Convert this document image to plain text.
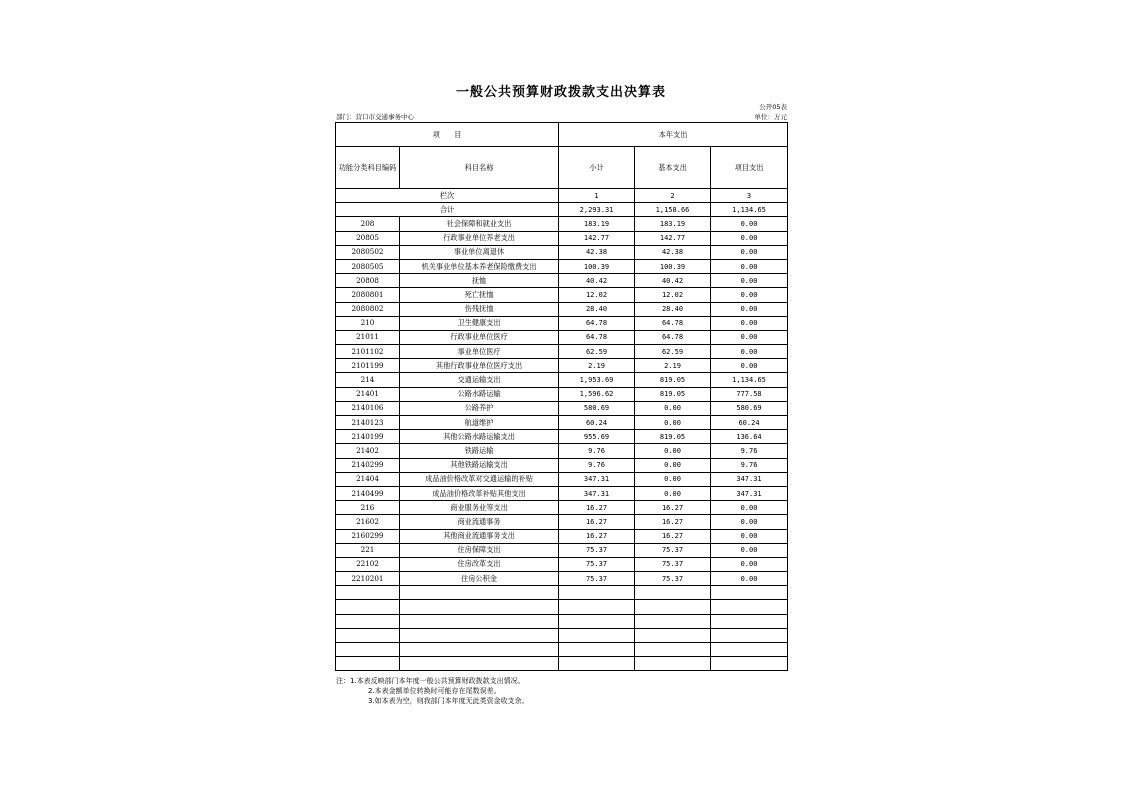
一般公共预算财政拨款支出决算表
公开05表
部门：营口市交通事务中心	单位：万元
项　　目		本年支出		
功能分类科目编码	科目名称	小计	基本支出	项目支出
栏次		1	2	3
合计		2,293.31	1,158.66	1,134.65
208	社会保障和就业支出	183.19	183.19	0.00
20805	行政事业单位养老支出	142.77	142.77	0.00
2080502	事业单位离退休	42.38	42.38	0.00
2080505	机关事业单位基本养老保险缴费支出	100.39	100.39	0.00
20808	抚恤	40.42	40.42	0.00
2080801	死亡抚恤	12.02	12.02	0.00
2080802	伤残抚恤	28.40	28.40	0.00
210	卫生健康支出	64.78	64.78	0.00
21011	行政事业单位医疗	64.78	64.78	0.00
2101102	事业单位医疗	62.59	62.59	0.00
2101199	其他行政事业单位医疗支出	2.19	2.19	0.00
214	交通运输支出	1,953.69	819.05	1,134.65
21401	公路水路运输	1,596.62	819.05	777.58
2140106	公路养护	580.69	0.00	580.69
2140123	航道维护	60.24	0.00	60.24
2140199	其他公路水路运输支出	955.69	819.05	136.64
21402	铁路运输	9.76	0.00	9.76
2140299	其他铁路运输支出	9.76	0.00	9.76
21404	成品油价格改革对交通运输的补贴	347.31	0.00	347.31
2140499	成品油价格改革补贴其他支出	347.31	0.00	347.31
216	商业服务业等支出	16.27	16.27	0.00
21602	商业流通事务	16.27	16.27	0.00
2160299	其他商业流通事务支出	16.27	16.27	0.00
221	住房保障支出	75.37	75.37	0.00
22102	住房改革支出	75.37	75.37	0.00
2210201	住房公积金	75.37	75.37	0.00

注：1.本表反映部门本年度一般公共预算财政拨款支出情况。
2.本表金额单位转换时可能存在尾数误差。
3.如本表为空，则我部门本年度无此类资金收支余。
